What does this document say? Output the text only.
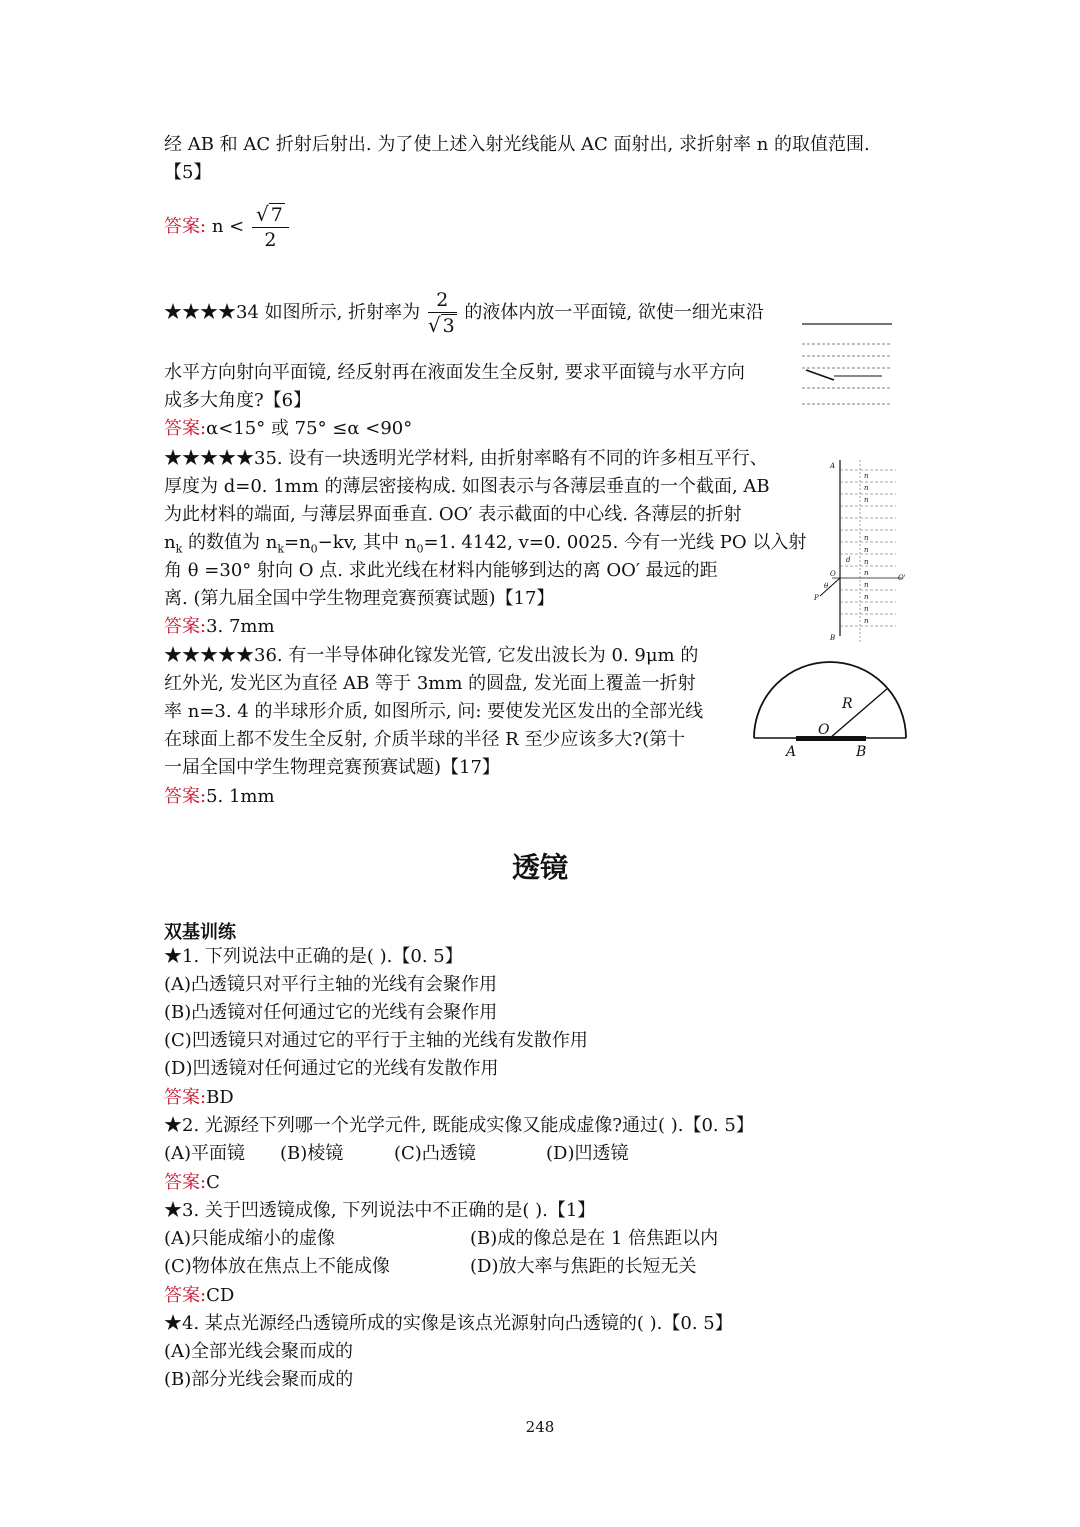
经 AB 和 AC 折射后射出. 为了使上述入射光线能从 AC 面射出, 求折射率 n 的取值范围.
【5】
答案: $n < \frac{√ 7}{2}$
★★★★34 如图所示, 折射率为 $\frac{2}{√ 3}$ 的液体内放一平面镜, 欲使一细光束沿
水平方向射向平面镜, 经反射再在液面发生全反射, 要求平面镜与水平方向
成多大角度?【6】
答案:α<15° 或 75° ≤α <90°
★★★★★35. 设有一块透明光学材料, 由折射率略有不同的许多相互平行、
厚度为 d=0. 1mm 的薄层密接构成. 如图表示与各薄层垂直的一个截面, AB
为此材料的端面, 与薄层界面垂直. OO′ 表示截面的中心线. 各薄层的折射
$n_k$ 的数值为 $n_k=n_0-kv$, 其中 $n_0=1$. 4142, v=0. 0025. 今有一光线 PO 以入射
角 θ =30° 射向 O 点. 求此光线在材料内能够到达的离 OO′ 最远的距
离. (第九届全国中学生物理竞赛预赛试题)【17】
答案:3. 7mm
A
B
O	O'
P
θ
d
n
n
n
n
n
n
n
n
n
n
n
★★★★★36. 有一半导体砷化镓发光管, 它发出波长为 0. 9μm 的
红外光, 发光区为直径 AB 等于 3mm 的圆盘, 发光面上覆盖一折射
率 n=3. 4 的半球形介质, 如图所示, 问: 要使发光区发出的全部光线
在球面上都不发生全反射, 介质半球的半径 R 至少应该多大?(第十
一届全国中学生物理竞赛预赛试题)【17】
答案:5. 1mm
R
O
A	B
透镜
双基训练
★1. 下列说法中正确的是( ).【0. 5】
(A)凸透镜只对平行主轴的光线有会聚作用
(B)凸透镜对任何通过它的光线有会聚作用
(C)凹透镜只对通过它的平行于主轴的光线有发散作用
(D)凹透镜对任何通过它的光线有发散作用
答案:BD
★2. 光源经下列哪一个光学元件, 既能成实像又能成虚像?通过( ).【0. 5】
(A)平面镜 (B)棱镜	(C)凸透镜	(D)凹透镜
答案:C
★3. 关于凹透镜成像, 下列说法中不正确的是( ).【1】
(A)只能成缩小的虚像	(B)成的像总是在 1 倍焦距以内
(C)物体放在焦点上不能成像	(D)放大率与焦距的长短无关
答案:CD
★4. 某点光源经凸透镜所成的实像是该点光源射向凸透镜的( ).【0. 5】
(A)全部光线会聚而成的
(B)部分光线会聚而成的
248
